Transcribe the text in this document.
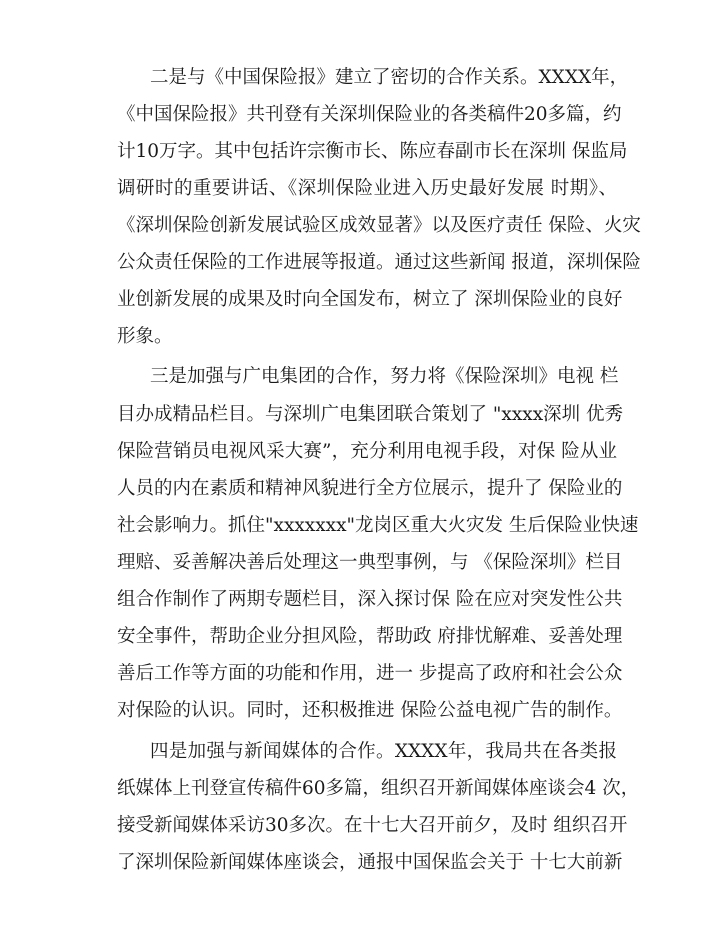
二是与《中国保险报》建立了密切的合作关系。XXXX年，
《中国保险报》共刊登有关深圳保险业的各类稿件20多篇，约
计10万字。其中包括许宗衡市长、陈应春副市长在深圳 保监局
调研时的重要讲话、《深圳保险业进入历史最好发展 时期》、
《深圳保险创新发展试验区成效显著》以及医疗责任 保险、火灾
公众责任保险的工作进展等报道。通过这些新闻 报道，深圳保险
业创新发展的成果及时向全国发布，树立了 深圳保险业的良好
形象。
三是加强与广电集团的合作，努力将《保险深圳》电视 栏
目办成精品栏目。与深圳广电集团联合策划了 "xxxx深圳 优秀
保险营销员电视风采大赛”，充分利用电视手段，对保 险从业
人员的内在素质和精神风貌进行全方位展示，提升了 保险业的
社会影响力。抓住"xxxxxxx"龙岗区重大火灾发 生后保险业快速
理赔、妥善解决善后处理这一典型事例，与 《保险深圳》栏目
组合作制作了两期专题栏目，深入探讨保 险在应对突发性公共
安全事件，帮助企业分担风险，帮助政 府排忧解难、妥善处理
善后工作等方面的功能和作用，进一 步提高了政府和社会公众
对保险的认识。同时，还积极推进 保险公益电视广告的制作。
四是加强与新闻媒体的合作。XXXX年，我局共在各类报
纸媒体上刊登宣传稿件60多篇，组织召开新闻媒体座谈会4 次，
接受新闻媒体采访30多次。在十七大召开前夕，及时 组织召开
了深圳保险新闻媒体座谈会，通报中国保监会关于 十七大前新
